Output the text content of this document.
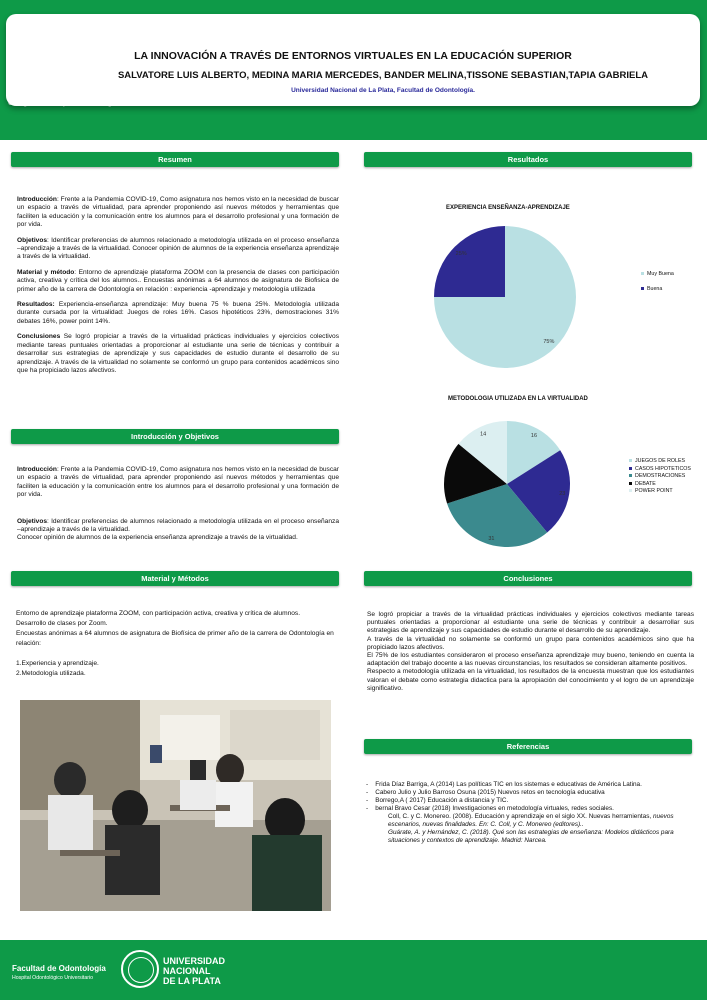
LA INNOVACIÓN A TRAVÉS DE ENTORNOS VIRTUALES EN LA EDUCACIÓN SUPERIOR
SALVATORE LUIS ALBERTO, MEDINA MARIA MERCEDES, BANDER MELINA,TISSONE SEBASTIAN,TAPIA GABRIELA
Universidad Nacional de La Plata, Facultad de Odontología.
Resumen

Introducción: Frente a la Pandemia COVID-19, Como asignatura nos hemos visto en la necesidad de buscar un espacio a través de virtualidad, para aprender proponiendo así nuevos métodos y herramientas que faciliten la educación y la comunicación entre los alumnos para el desarrollo profesional y una formación de por vida.

Objetivos: Identificar preferencias de alumnos relacionado a metodología utilizada en el proceso enseñanza –aprendizaje a través de la virtualidad. Conocer opinión de alumnos de la experiencia enseñanza aprendizaje a través de la virtualidad.

Material y método: Entorno de aprendizaje plataforma ZOOM con la presencia de clases con participación activa, creativa y crítica del los alumnos.. Encuestas anónimas a 64 alumnos de asignatura de Biofisica de primer año de la carrera de Odontología en relación : experiencia -aprendizaje y metodología utilizada

Resultados: Experiencia-enseñanza aprendizaje: Muy buena 75 % buena 25%. Metodología utilizada durante cursada por la virtualidad: Juegos de roles 16%. Casos hipotéticos 23%, demostraciones 31% debates 16%, power point 14%.

Conclusiones Se logró propiciar a través de la virtualidad prácticas individuales y ejercicios colectivos mediante tareas puntuales orientadas a proporcionar al estudiante una serie de técnicas y contribuir a desarrollar sus estrategias de aprendizaje y sus capacidades de estudio durante el desarrollo de su aprendizaje. A través de la virtualidad no solamente se conformó un grupo para contenidos académicos sino que ha propiciado lazos afectivos.

Resultados
EXPERIENCIA ENSEÑANZA-APRENDIZAJE
75%
25%
Muy Buena
Buena
METODOLOGIA UTILIZADA EN LA VIRTUALIDAD
16
23
31
14
JUEGOS DE ROLES
CASOS HIPOTETICOS
DEMOSTRACIONES
DEBATE
POWER POINT
Introducción y Objetivos

Introducción: Frente a la Pandemia COVID-19, Como asignatura nos hemos visto en la necesidad de buscar un espacio a través de virtualidad, para aprender proponiendo así nuevos métodos y herramientas que faciliten la educación y la comunicación entre los alumnos para el desarrollo profesional y una formación de por vida.

Objetivos: Identificar preferencias de alumnos relacionado a metodología utilizada en el proceso enseñanza –aprendizaje a través de la virtualidad.

Conocer opinión de alumnos de la experiencia enseñanza aprendizaje a través de la virtualidad.

Material y Métodos
Entorno de aprendizaje plataforma ZOOM, con participación activa, creativa y crítica de alumnos.
Desarrollo de clases por Zoom.
Encuestas anónimas a 64 alumnos de asignatura de Biofísica de primer año de la carrera de Odontología en relación:
1.Experiencia y aprendizaje.
2.Metodología utilizada.
Conclusiones
Se logró propiciar a través de la virtualidad prácticas individuales y ejercicios colectivos mediante tareas puntuales orientadas a proporcionar al estudiante una serie de técnicas y contribuir a desarrollar sus estrategias de aprendizaje y sus capacidades de estudio durante el desarrollo de su aprendizaje.
A través de la virtualidad no solamente se conformó un grupo para contenidos académicos sino que ha propiciado lazos afectivos.
El 75% de los estudiantes consideraron el proceso enseñanza aprendizaje muy bueno, teniendo en cuenta la adaptación del trabajo docente a las nuevas circunstancias, los resultados se consideran altamente positivos.
Respecto a metodología utilizada en la virtualidad, los resultados de la encuesta muestran que los estudiantes valoran el debate como estrategia didactica para la apropiación del conocimiento y el logro de un aprendizaje significativo.
Referencias
-    Frida Díaz Barriga, A (2014) Las políticas TIC en los sistemas e educativas de América Latina.
-    Cabero Julio y Julio Barroso Osuna (2015) Nuevos retos en tecnología educativa
-    Borrego,A ( 2017) Educación a distancia y TIC.
-    bernal Bravo Cesar (2018) Investigaciones en metodología virtuales, redes sociales.
Coll, C. y C. Monereo. (2008). Educación y aprendizaje en el siglo XX. Nuevas herramientas, nuevos escenarios, nuevas finalidades. En: C. Coll, y C. Monereo (editores)..
Guárate, A. y Hernández, C. (2018). Qué son las estrategias de enseñanza: Modelos didácticos para situaciones y contextos de aprendizaje. Madrid: Narcea.
Facultad de Odontología
Hospital Odontológico Universitario
UNIVERSIDAD
NACIONAL
DE LA PLATA
